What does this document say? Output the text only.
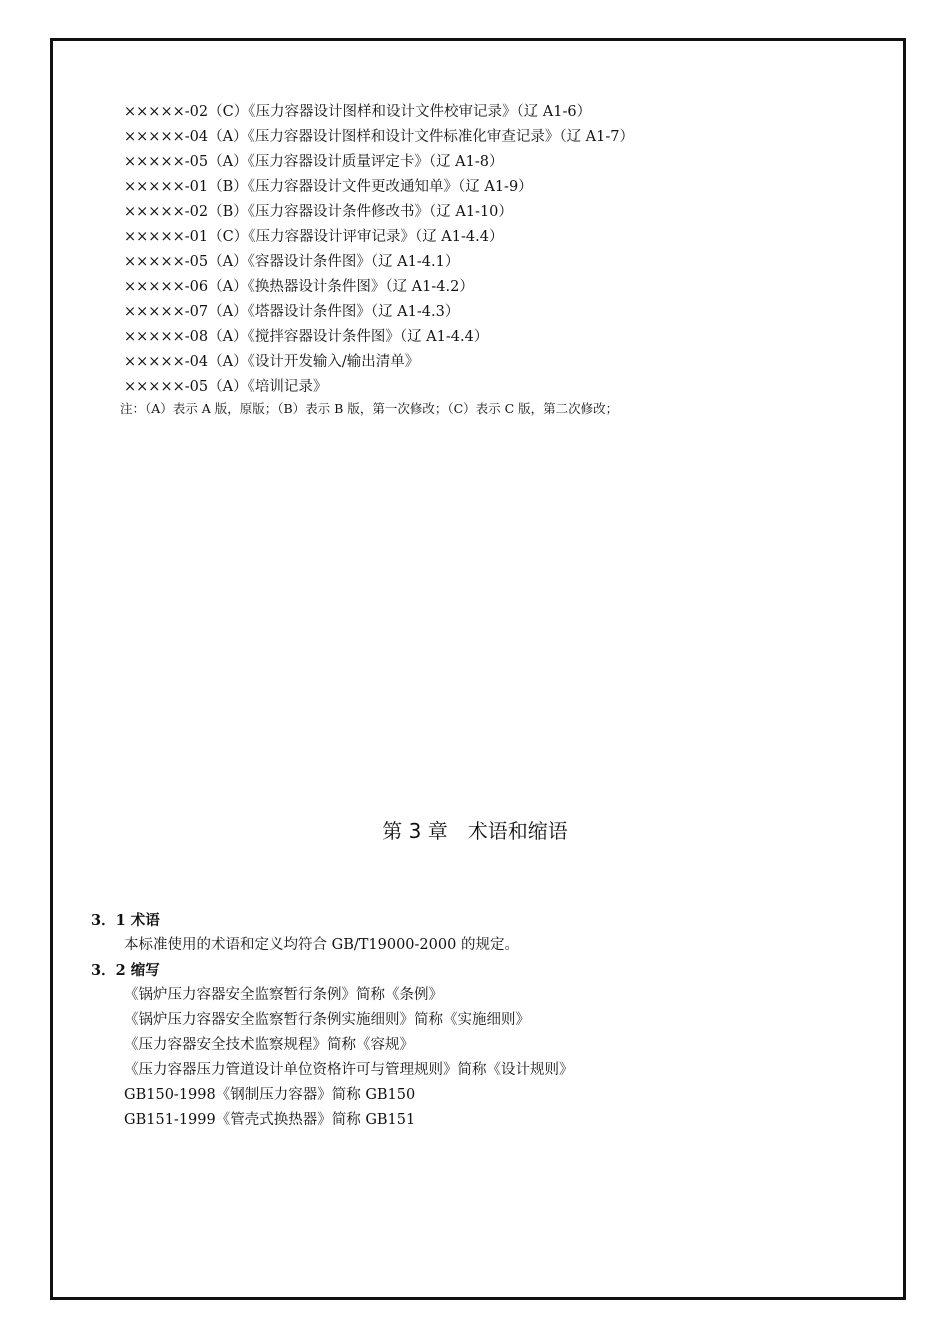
×××××-02（C）《压力容器设计图样和设计文件校审记录》（辽 A1-6）
×××××-04（A）《压力容器设计图样和设计文件标准化审查记录》（辽 A1-7）
×××××-05（A）《压力容器设计质量评定卡》（辽 A1-8）
×××××-01（B）《压力容器设计文件更改通知单》（辽 A1-9）
×××××-02（B）《压力容器设计条件修改书》（辽 A1-10）
×××××-01（C）《压力容器设计评审记录》（辽 A1-4.4）
×××××-05（A）《容器设计条件图》（辽 A1-4.1）
×××××-06（A）《换热器设计条件图》（辽 A1-4.2）
×××××-07（A）《塔器设计条件图》（辽 A1-4.3）
×××××-08（A）《搅拌容器设计条件图》（辽 A1-4.4）
×××××-04（A）《设计开发输入/输出清单》
×××××-05（A）《培训记录》
注：（A）表示 A 版，原版；（B）表示 B 版，第一次修改；（C）表示 C 版，第二次修改；
第 3 章　术语和缩语
3．1 术语
本标准使用的术语和定义均符合 GB/T19000-2000 的规定。
3．2 缩写
《锅炉压力容器安全监察暂行条例》简称《条例》
《锅炉压力容器安全监察暂行条例实施细则》简称《实施细则》
《压力容器安全技术监察规程》简称《容规》
《压力容器压力管道设计单位资格许可与管理规则》简称《设计规则》
GB150-1998《钢制压力容器》简称 GB150
GB151-1999《管壳式换热器》简称 GB151
